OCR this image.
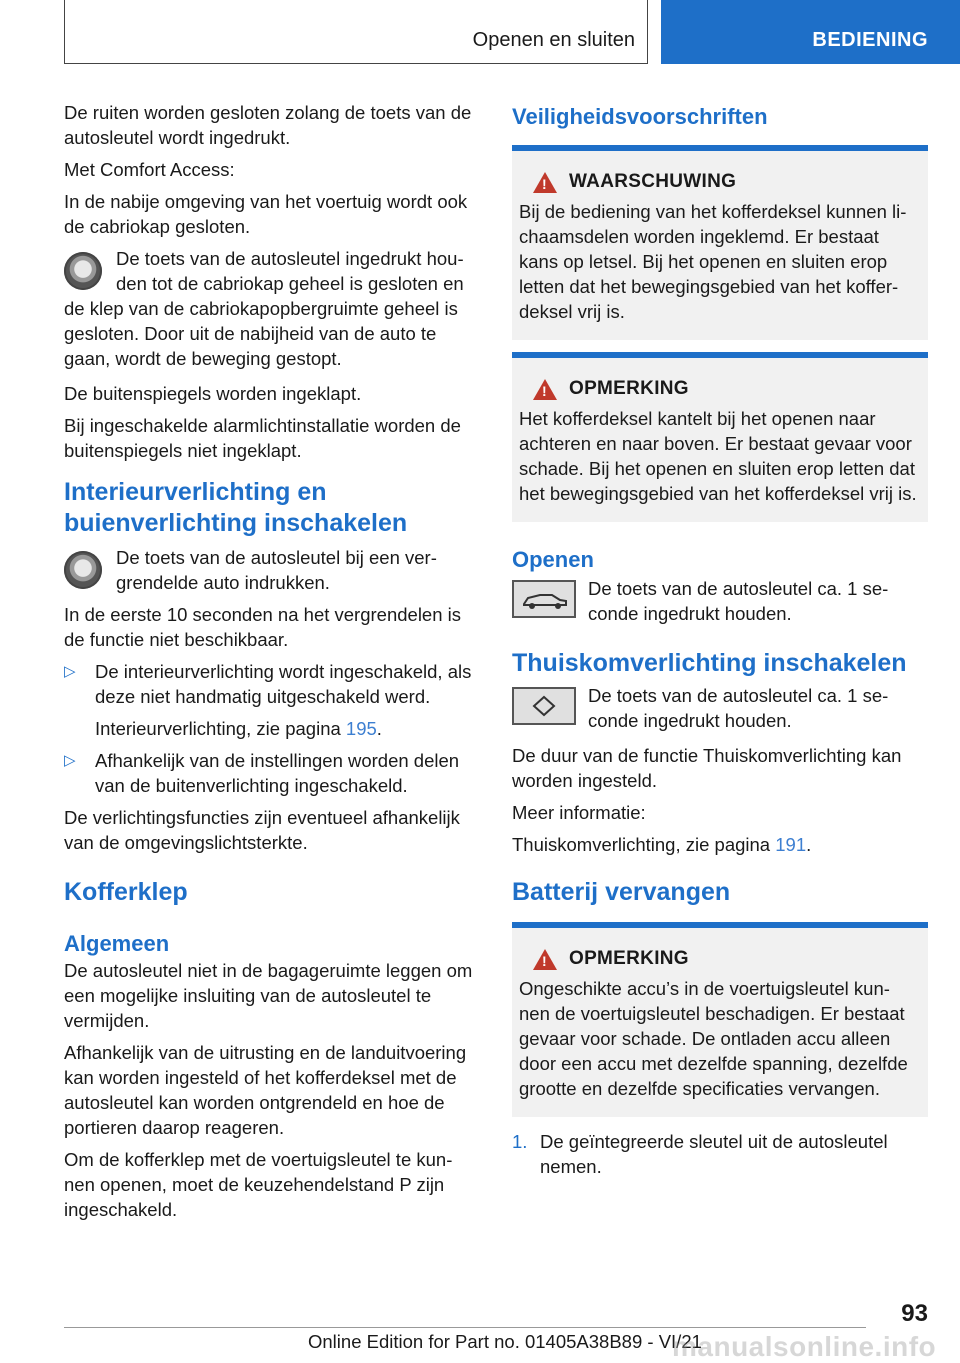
Openen en sluiten	BEDIENING

De ruiten worden gesloten zolang de toets van de autosleutel wordt ingedrukt.

Met Comfort Access:

In de nabije omgeving van het voertuig wordt ook de cabriokap gesloten.

De toets van de autosleutel ingedrukt hou-

den tot de cabriokap geheel is gesloten en

de klep van de cabriokapopbergruimte geheel is gesloten. Door uit de nabijheid van de auto te gaan, wordt de beweging gestopt.

De buitenspiegels worden ingeklapt.

Bij ingeschakelde alarmlichtinstallatie worden de buitenspiegels niet ingeklapt.

Interieurverlichting en buienverlichting inschakelen

De toets van de autosleutel bij een ver-grendelde auto indrukken.

In de eerste 10 seconden na het vergrendelen is de functie niet beschikbaar.

▷ De interieurverlichting wordt ingeschakeld, als deze niet handmatig uitgeschakeld werd.
Interieurverlichting, zie pagina 195.
▷ Afhankelijk van de instellingen worden delen van de buitenverlichting ingeschakeld.

De verlichtingsfuncties zijn eventueel afhankelijk van de omgevingslichtsterkte.

Kofferklep
Algemeen

De autosleutel niet in de bagageruimte leggen om een mogelijke insluiting van de autosleutel te vermijden.

Afhankelijk van de uitrusting en de landuitvoering kan worden ingesteld of het kofferdeksel met de autosleutel kan worden ontgrendeld en hoe de portieren daarop reageren.

Om de kofferklep met de voertuigsleutel te kun-nen openen, moet de keuzehendelstand P zijn ingeschakeld.

Veiligheidsvoorschriften
!
WAARSCHUWING

Bij de bediening van het kofferdeksel kunnen li-chaamsdelen worden ingeklemd. Er bestaat kans op letsel. Bij het openen en sluiten erop letten dat het bewegingsgebied van het koffer-deksel vrij is.

!
OPMERKING

Het kofferdeksel kantelt bij het openen naar achteren en naar boven. Er bestaat gevaar voor schade. Bij het openen en sluiten erop letten dat het bewegingsgebied van het kofferdeksel vrij is.

Openen

De toets van de autosleutel ca. 1 se-conde ingedrukt houden.

Thuiskomverlichting inschakelen

De toets van de autosleutel ca. 1 se-conde ingedrukt houden.

De duur van de functie Thuiskomverlichting kan worden ingesteld.

Meer informatie:

Thuiskomverlichting, zie pagina 191.

Batterij vervangen
!
OPMERKING

Ongeschikte accu’s in de voertuigsleutel kun-nen de voertuigsleutel beschadigen. Er bestaat gevaar voor schade. De ontladen accu alleen door een accu met dezelfde spanning, dezelfde grootte en dezelfde specificaties vervangen.

1. De geïntegreerde sleutel uit de autosleutel nemen.
93
Online Edition for Part no. 01405A38B89 - VI/21
manualsonline.info
